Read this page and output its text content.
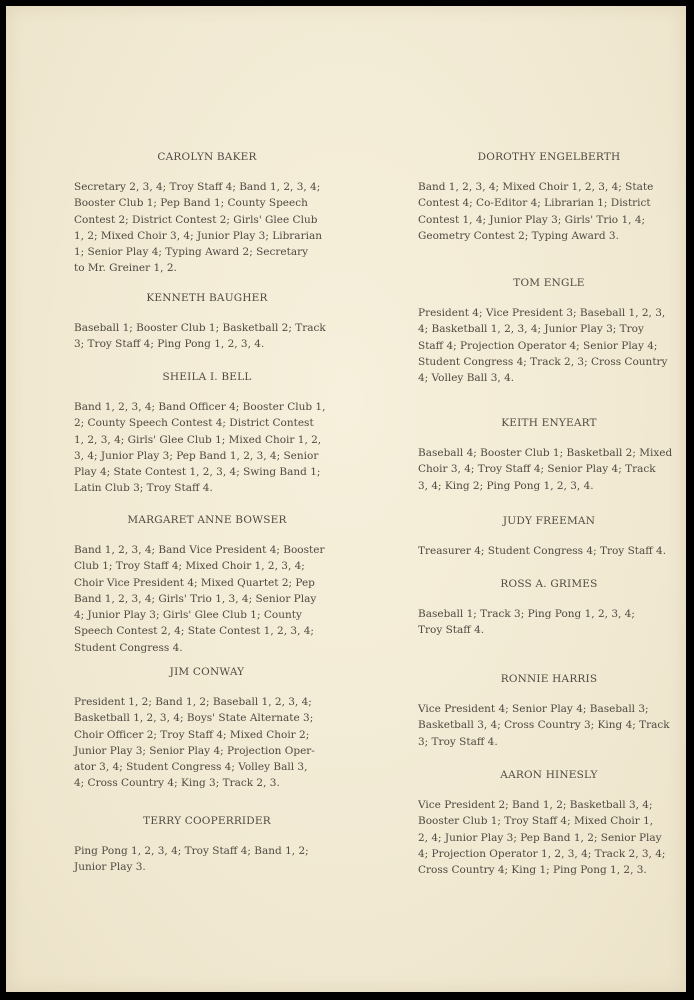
CAROLYN BAKER
Secretary 2, 3, 4; Troy Staff 4; Band 1, 2, 3, 4;
Booster Club 1; Pep Band 1; County Speech
Contest 2; District Contest 2; Girls' Glee Club
1, 2; Mixed Choir 3, 4; Junior Play 3; Librarian
1; Senior Play 4; Typing Award 2; Secretary
to Mr. Greiner 1, 2.
KENNETH BAUGHER
Baseball 1; Booster Club 1; Basketball 2; Track
3; Troy Staff 4; Ping Pong 1, 2, 3, 4.
SHEILA I. BELL
Band 1, 2, 3, 4; Band Officer 4; Booster Club 1,
2; County Speech Contest 4; District Contest
1, 2, 3, 4; Girls' Glee Club 1; Mixed Choir 1, 2,
3, 4; Junior Play 3; Pep Band 1, 2, 3, 4; Senior
Play 4; State Contest 1, 2, 3, 4; Swing Band 1;
Latin Club 3; Troy Staff 4.
MARGARET ANNE BOWSER
Band 1, 2, 3, 4; Band Vice President 4; Booster
Club 1; Troy Staff 4; Mixed Choir 1, 2, 3, 4;
Choir Vice President 4; Mixed Quartet 2; Pep
Band 1, 2, 3, 4; Girls' Trio 1, 3, 4; Senior Play
4; Junior Play 3; Girls' Glee Club 1; County
Speech Contest 2, 4; State Contest 1, 2, 3, 4;
Student Congress 4.
JIM CONWAY
President 1, 2; Band 1, 2; Baseball 1, 2, 3, 4;
Basketball 1, 2, 3, 4; Boys' State Alternate 3;
Choir Officer 2; Troy Staff 4; Mixed Choir 2;
Junior Play 3; Senior Play 4; Projection Oper-
ator 3, 4; Student Congress 4; Volley Ball 3,
4; Cross Country 4; King 3; Track 2, 3.
TERRY COOPERRIDER
Ping Pong 1, 2, 3, 4; Troy Staff 4; Band 1, 2;
Junior Play 3.
DOROTHY ENGELBERTH
Band 1, 2, 3, 4; Mixed Choir 1, 2, 3, 4; State
Contest 4; Co-Editor 4; Librarian 1; District
Contest 1, 4; Junior Play 3; Girls' Trio 1, 4;
Geometry Contest 2; Typing Award 3.
TOM ENGLE
President 4; Vice President 3; Baseball 1, 2, 3,
4; Basketball 1, 2, 3, 4; Junior Play 3; Troy
Staff 4; Projection Operator 4; Senior Play 4;
Student Congress 4; Track 2, 3; Cross Country
4; Volley Ball 3, 4.
KEITH ENYEART
Baseball 4; Booster Club 1; Basketball 2; Mixed
Choir 3, 4; Troy Staff 4; Senior Play 4; Track
3, 4; King 2; Ping Pong 1, 2, 3, 4.
JUDY FREEMAN
Treasurer 4; Student Congress 4; Troy Staff 4.
ROSS A. GRIMES
Baseball 1; Track 3; Ping Pong 1, 2, 3, 4;
Troy Staff 4.
RONNIE HARRIS
Vice President 4; Senior Play 4; Baseball 3;
Basketball 3, 4; Cross Country 3; King 4; Track
3; Troy Staff 4.
AARON HINESLY
Vice President 2; Band 1, 2; Basketball 3, 4;
Booster Club 1; Troy Staff 4; Mixed Choir 1,
2, 4; Junior Play 3; Pep Band 1, 2; Senior Play
4; Projection Operator 1, 2, 3, 4; Track 2, 3, 4;
Cross Country 4; King 1; Ping Pong 1, 2, 3.
